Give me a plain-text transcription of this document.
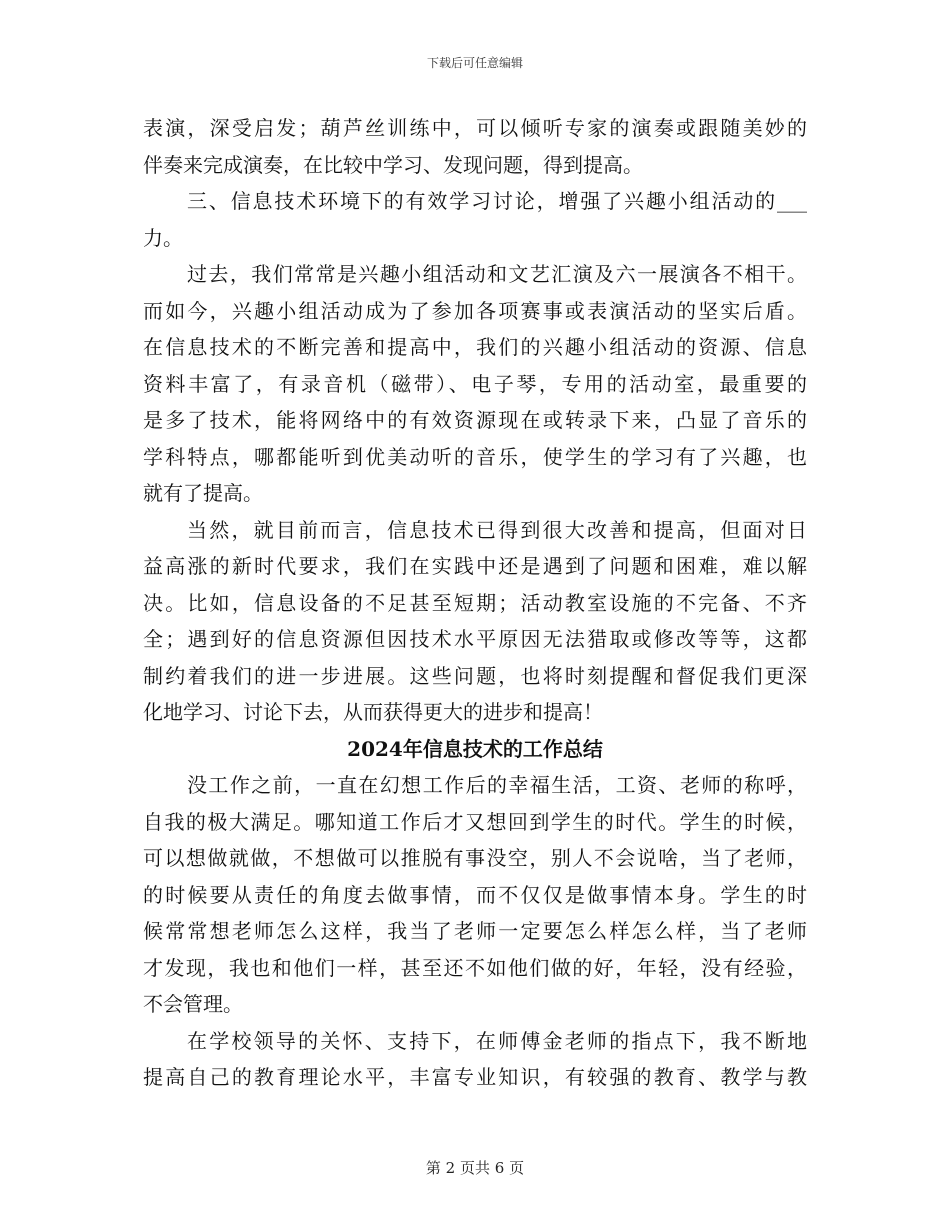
下载后可任意编辑
表演，深受启发；葫芦丝训练中，可以倾听专家的演奏或跟随美妙的
伴奏来完成演奏，在比较中学习、发现问题，得到提高。
三、信息技术环境下的有效学习讨论，增强了兴趣小组活动的___
力。
过去，我们常常是兴趣小组活动和文艺汇演及六一展演各不相干。
而如今，兴趣小组活动成为了参加各项赛事或表演活动的坚实后盾。
在信息技术的不断完善和提高中，我们的兴趣小组活动的资源、信息
资料丰富了，有录音机（磁带）、电子琴，专用的活动室，最重要的
是多了技术，能将网络中的有效资源现在或转录下来，凸显了音乐的
学科特点，哪都能听到优美动听的音乐，使学生的学习有了兴趣，也
就有了提高。
当然，就目前而言，信息技术已得到很大改善和提高，但面对日
益高涨的新时代要求，我们在实践中还是遇到了问题和困难，难以解
决。比如，信息设备的不足甚至短期；活动教室设施的不完备、不齐
全；遇到好的信息资源但因技术水平原因无法猎取或修改等等，这都
制约着我们的进一步进展。这些问题，也将时刻提醒和督促我们更深
化地学习、讨论下去，从而获得更大的进步和提高！
2024年信息技术的工作总结
没工作之前，一直在幻想工作后的幸福生活，工资、老师的称呼，
自我的极大满足。哪知道工作后才又想回到学生的时代。学生的时候，
可以想做就做，不想做可以推脱有事没空，别人不会说啥，当了老师，
的时候要从责任的角度去做事情，而不仅仅是做事情本身。学生的时
候常常想老师怎么这样，我当了老师一定要怎么样怎么样，当了老师
才发现，我也和他们一样，甚至还不如他们做的好，年轻，没有经验，
不会管理。
在学校领导的关怀、支持下，在师傅金老师的指点下，我不断地
提高自己的教育理论水平，丰富专业知识，有较强的教育、教学与教
第 2 页共 6 页
